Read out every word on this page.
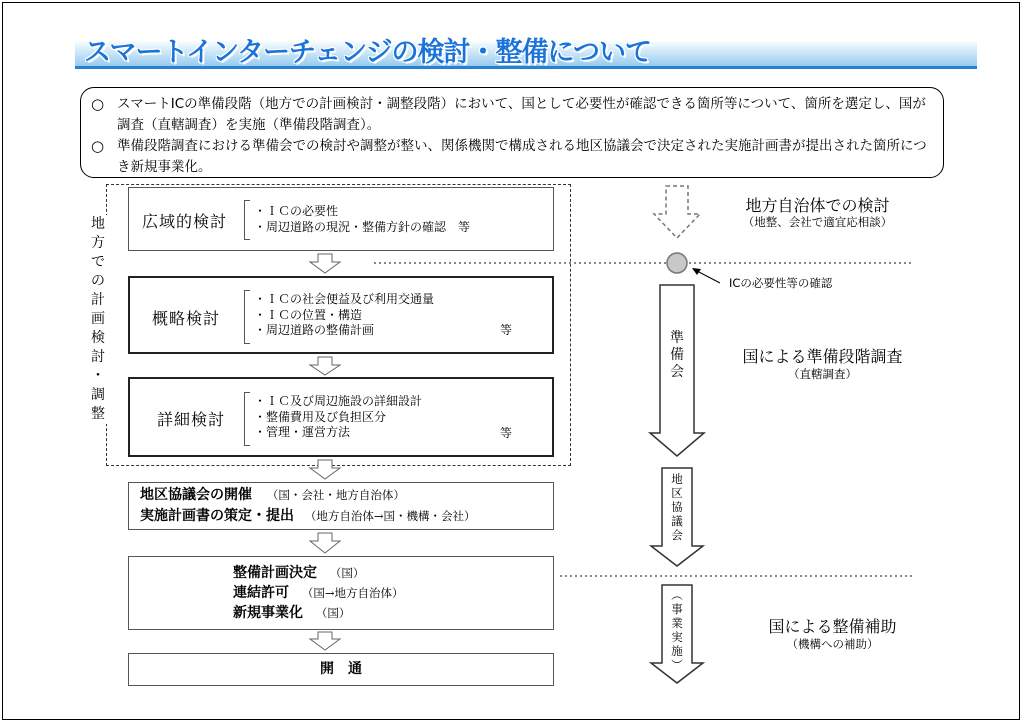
スマートインターチェンジの検討・整備について
○ スマートICの準備段階（地方での計画検討・調整段階）において、国として必要性が確認できる箇所等について、箇所を選定し、国が調査（直轄調査）を実施（準備段階調査）。
○ 準備段階調査における準備会での検討や調整が整い、関係機関で構成される地区協議会で決定された実施計画書が提出された箇所につき新規事業化。
地
方
で
の
計
画
検
討
・
調
整
広域的検討
・ＩＣの必要性
・周辺道路の現況・整備方針の確認　等
概略検討
・ＩＣの社会便益及び利用交通量
・ＩＣの位置・構造
・周辺道路の整備計画	等
詳細検討
・ＩＣ及び周辺施設の詳細設計
・整備費用及び負担区分
・管理・運営方法	等
地区協議会の開催 （国・会社・地方自治体）
実施計画書の策定・提出 （地方自治体→国・機構・会社）
整備計画決定 （国）
連結許可 （国→地方自治体）
新規事業化 （国）
開　通
地方自治体での検討
（地整、会社で適宜応相談）
ICの必要性等の確認
準
備
会
国による準備段階調査
（直轄調査）
地
区
協
議
会
︵
事
業
実
施
︶
国による整備補助
（機構への補助）
